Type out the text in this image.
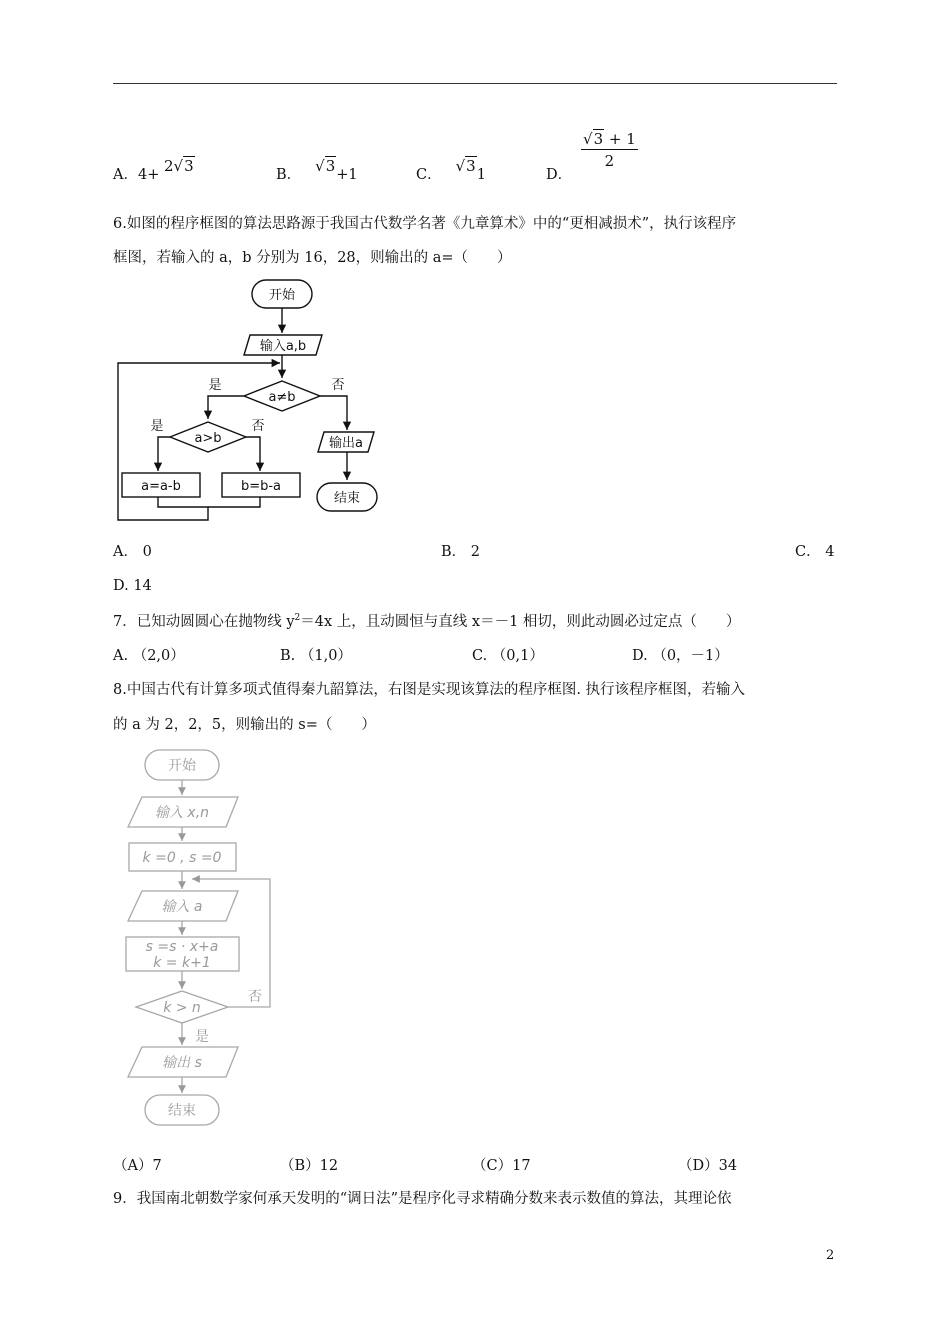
A．4+ 2√3	B． √3+1	C． √31	D．
$\frac{√3 + 1}{2}$
6.如图的程序框图的算法思路源于我国古代数学名著《九章算术》中的“更相减损术”，执行该程序
框图，若输入的 a，b 分别为 16，28，则输出的 a=（　　）
开始
输入a,b
a≠b
是	否
a>b
是	否
a=a-b	b=b-a
输出a
结束
A． 0	B． 2	C． 4
D. 14
7．已知动圆圆心在抛物线 $y^2=4x$ 上，且动圆恒与直线 x＝－1 相切，则此动圆必过定点（　　）
A. （2,0）	B. （1,0）	C. （0,1）	D. （0，－1）
8.中国古代有计算多项式值得秦九韶算法，右图是实现该算法的程序框图. 执行该程序框图，若输入
的 a 为 2，2，5，则输出的 s=（　　）
开始
输入 x,n
k =0 , s =0
输入 a
s =s · x+a
k = k+1
k > n
否
是
输出 s
结束
（A）7	（B）12	（C）17	（D）34
9．我国南北朝数学家何承天发明的“调日法”是程序化寻求精确分数来表示数值的算法，其理论依
2
